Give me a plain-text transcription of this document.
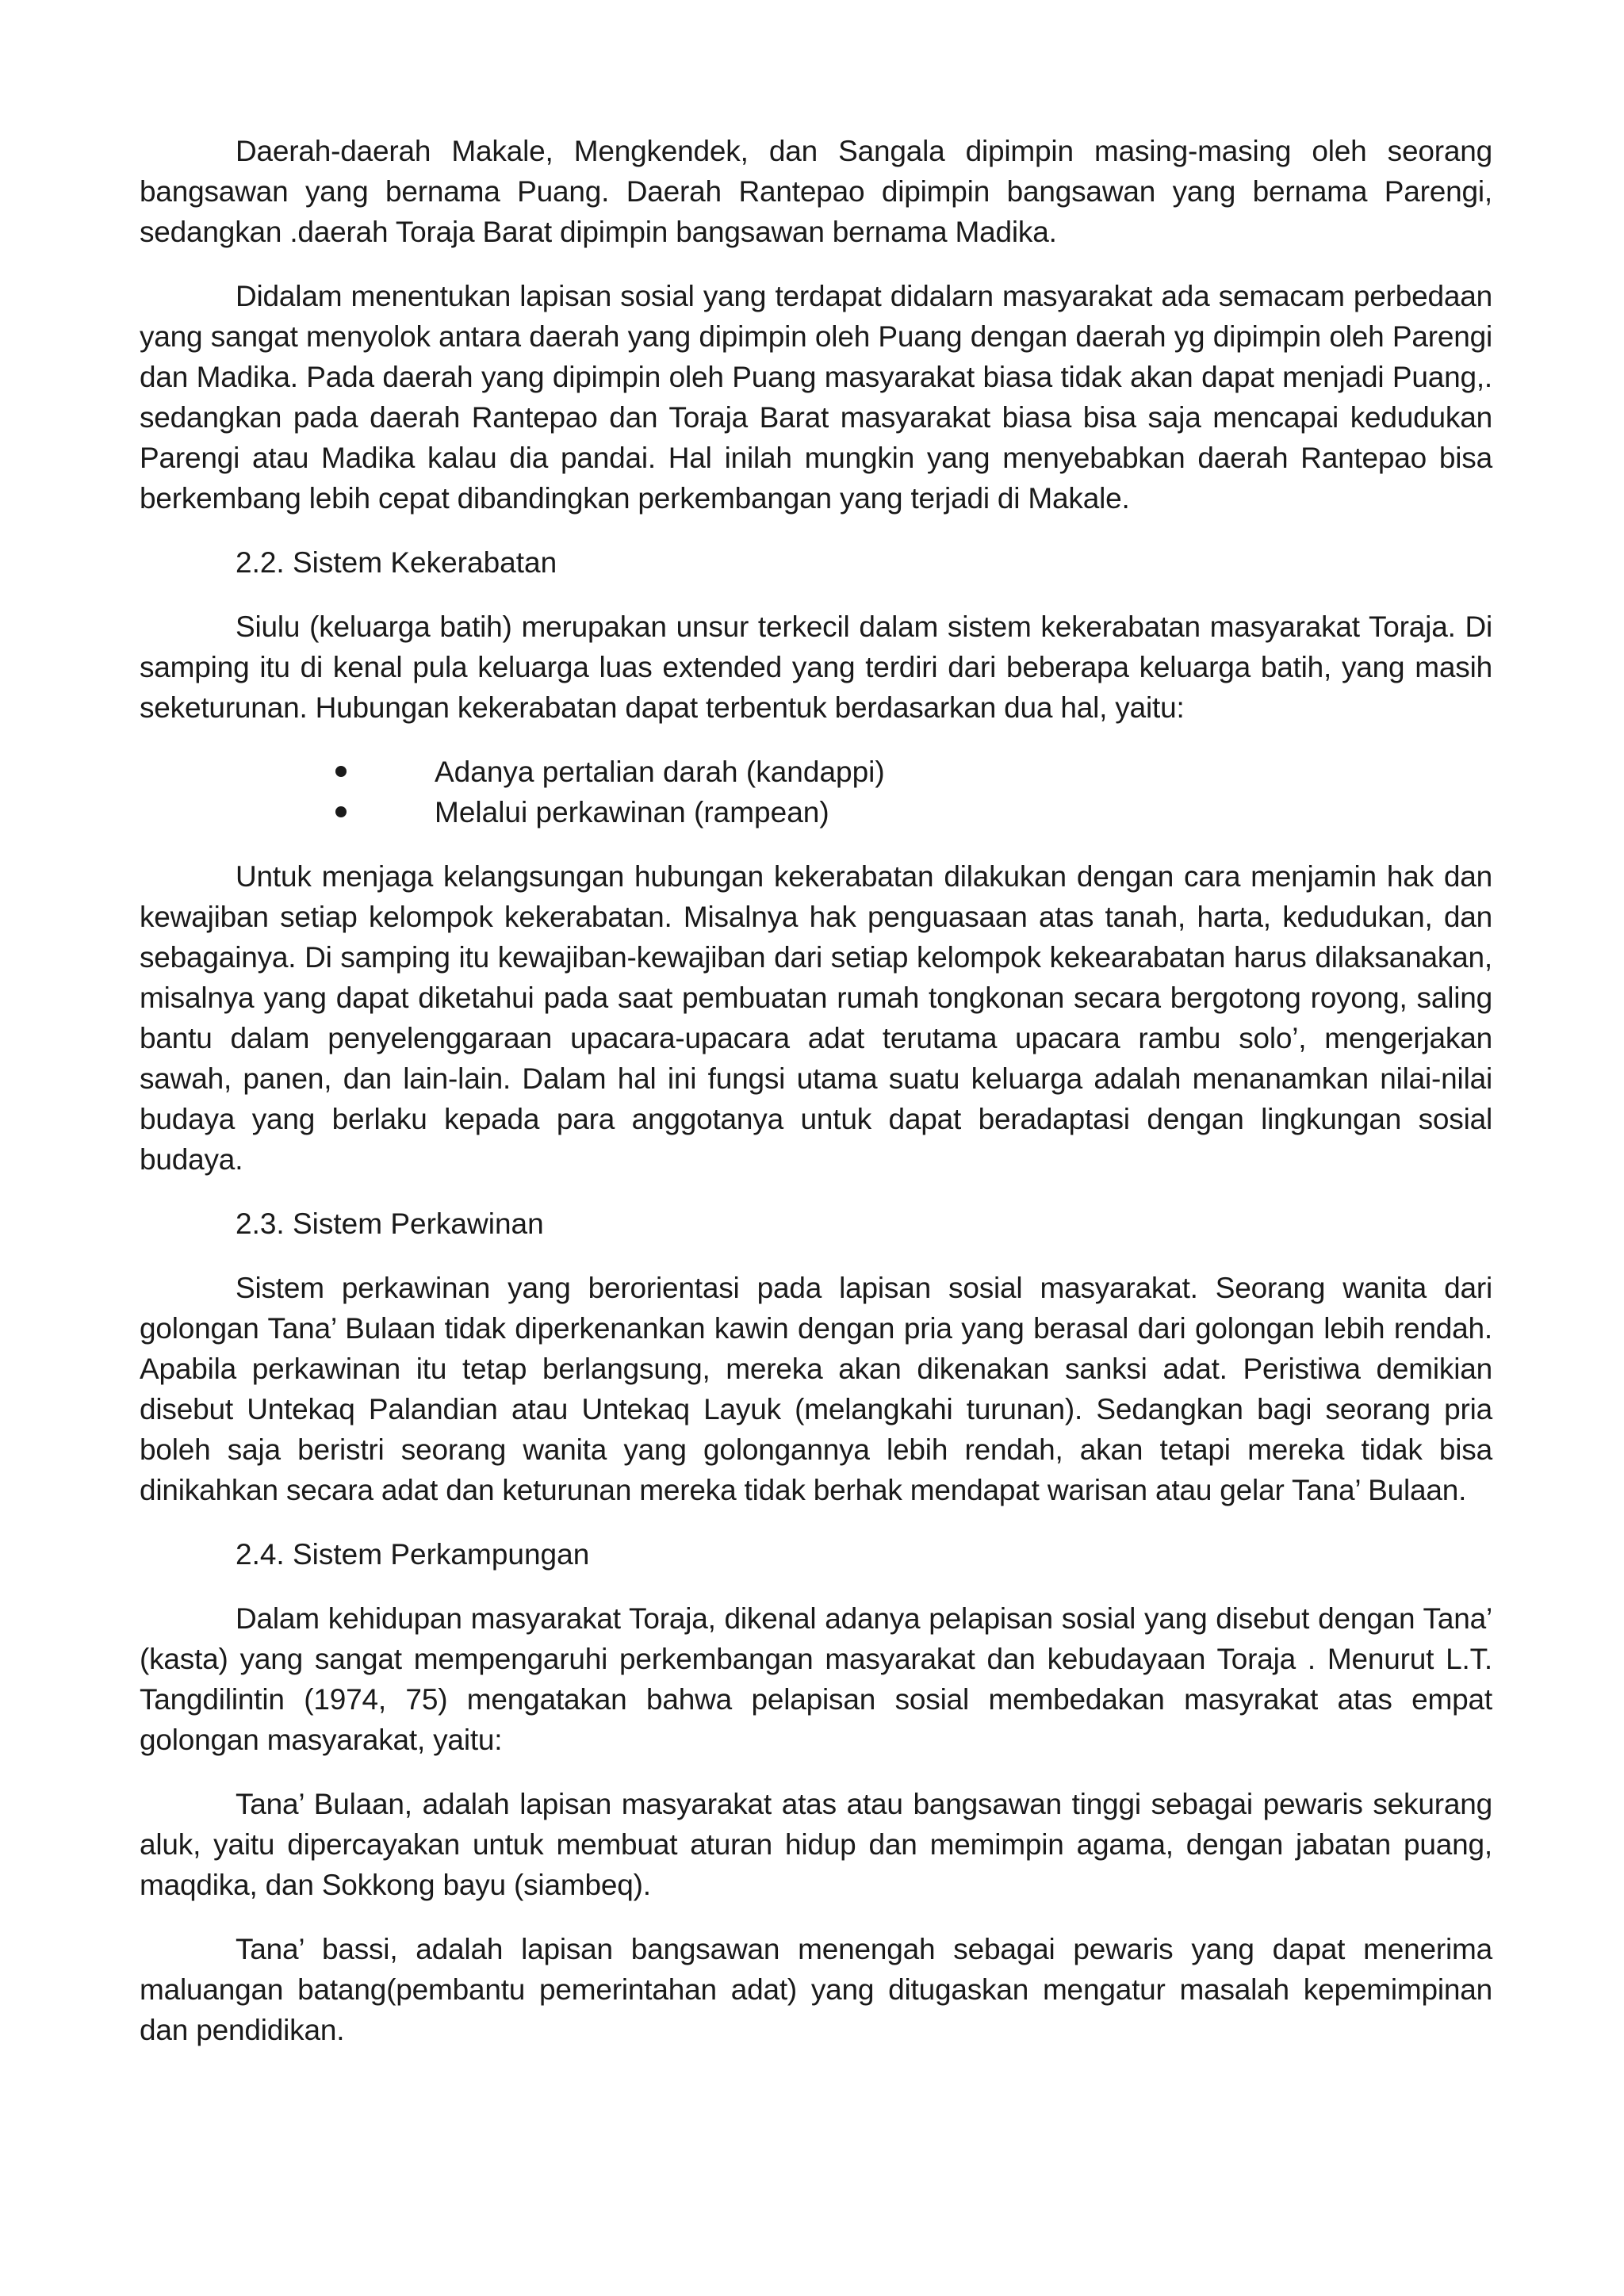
Daerah-daerah Makale, Mengkendek, dan Sangala dipimpin masing-masing oleh seorang bangsawan yang bernama Puang. Daerah Rantepao dipimpin bangsawan yang bernama Parengi, sedangkan .daerah Toraja Barat dipimpin bangsawan bernama Madika.

Didalam menentukan lapisan sosial yang terdapat didalarn masyarakat ada semacam perbedaan yang sangat menyolok antara daerah yang dipimpin oleh Puang dengan daerah yg dipimpin oleh Parengi dan Madika. Pada daerah yang dipimpin oleh Puang masyarakat biasa tidak akan dapat menjadi Puang,. sedangkan pada daerah Rantepao dan Toraja Barat masyarakat biasa bisa saja mencapai kedudukan Parengi atau Madika kalau dia pandai. Hal inilah mungkin yang menyebabkan daerah Rantepao bisa berkembang lebih cepat dibandingkan perkembangan yang terjadi di Makale.

2.2. Sistem Kekerabatan

Siulu (keluarga batih) merupakan unsur terkecil dalam sistem kekerabatan masyarakat Toraja. Di samping itu di kenal pula keluarga luas extended yang terdiri dari beberapa keluarga batih, yang masih seketurunan. Hubungan kekerabatan dapat terbentuk berdasarkan dua hal, yaitu:

Adanya pertalian darah (kandappi)
Melalui perkawinan (rampean)

Untuk menjaga kelangsungan hubungan kekerabatan dilakukan dengan cara menjamin hak dan kewajiban setiap kelompok kekerabatan. Misalnya hak penguasaan atas tanah, harta, kedudukan, dan sebagainya. Di samping itu kewajiban-kewajiban dari setiap kelompok kekearabatan harus dilaksanakan, misalnya yang dapat diketahui pada saat pembuatan rumah tongkonan secara bergotong royong, saling bantu dalam penyelenggaraan upacara-upacara adat terutama upacara rambu solo’, mengerjakan sawah, panen, dan lain-lain. Dalam hal ini fungsi utama suatu keluarga adalah menanamkan nilai-nilai budaya yang berlaku kepada para anggotanya untuk dapat beradaptasi dengan lingkungan sosial budaya.

2.3. Sistem Perkawinan

Sistem perkawinan yang berorientasi pada lapisan sosial masyarakat. Seorang wanita dari golongan Tana’ Bulaan tidak diperkenankan kawin dengan pria yang berasal dari golongan lebih rendah. Apabila perkawinan itu tetap berlangsung, mereka akan dikenakan sanksi adat. Peristiwa demikian disebut Untekaq Palandian atau Untekaq Layuk (melangkahi turunan). Sedangkan bagi seorang pria boleh saja beristri seorang wanita yang golongannya lebih rendah, akan tetapi mereka tidak bisa dinikahkan secara adat dan keturunan mereka tidak berhak mendapat warisan atau gelar Tana’ Bulaan.

2.4. Sistem Perkampungan

Dalam kehidupan masyarakat Toraja, dikenal adanya pelapisan sosial yang disebut dengan Tana’ (kasta) yang sangat mempengaruhi perkembangan masyarakat dan kebudayaan Toraja . Menurut L.T. Tangdilintin (1974, 75) mengatakan bahwa pelapisan sosial membedakan masyrakat atas empat golongan masyarakat, yaitu:

Tana’ Bulaan, adalah lapisan masyarakat atas atau bangsawan tinggi sebagai pewaris sekurang aluk, yaitu dipercayakan untuk membuat aturan hidup dan memimpin agama, dengan jabatan puang, maqdika, dan Sokkong bayu (siambeq).

Tana’ bassi, adalah lapisan bangsawan menengah sebagai pewaris yang dapat menerima maluangan batang(pembantu pemerintahan adat) yang ditugaskan mengatur masalah kepemimpinan dan pendidikan.
